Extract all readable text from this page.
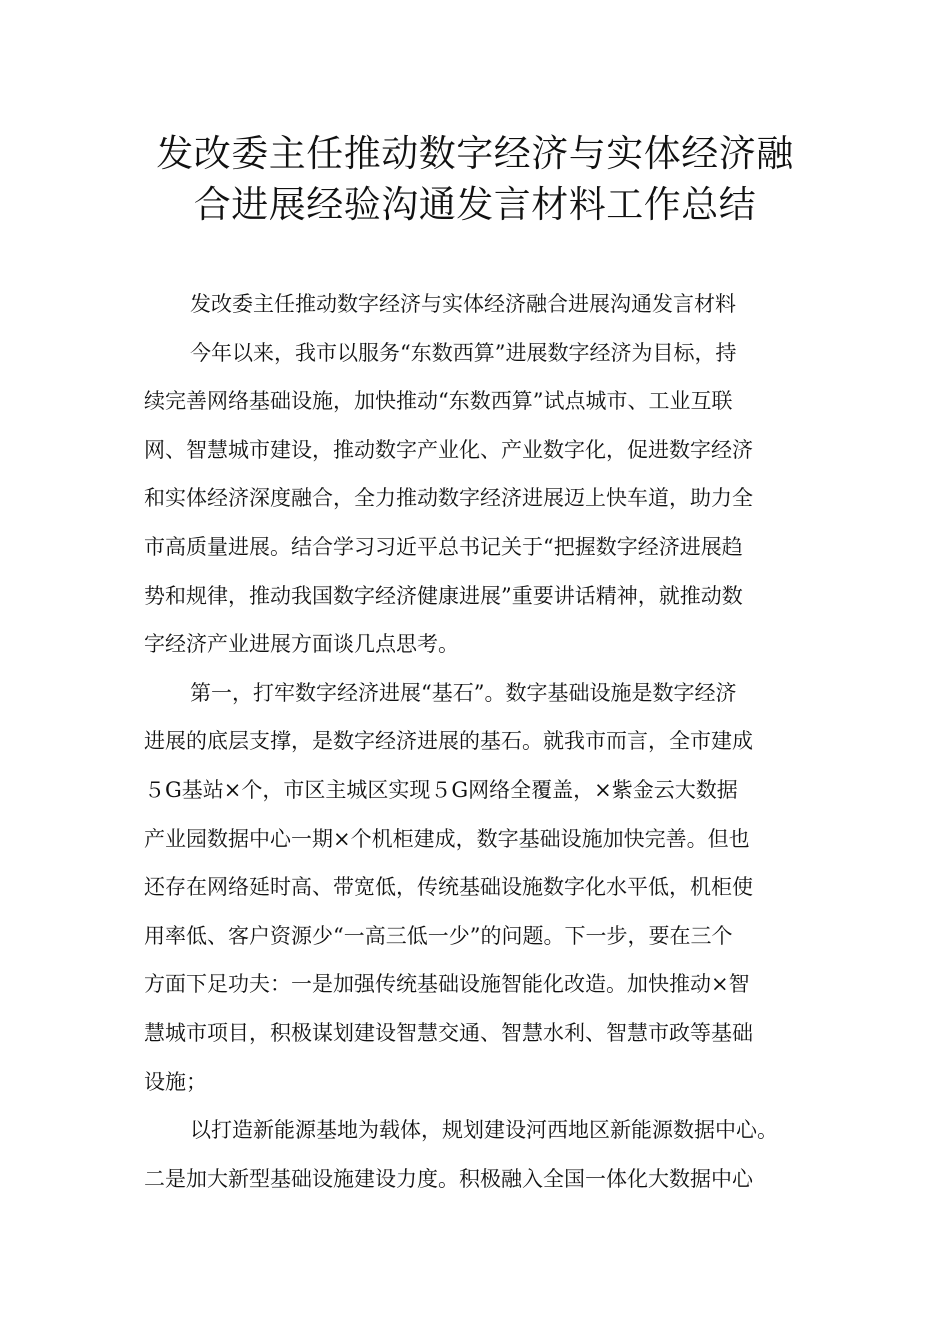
发改委主任推动数字经济与实体经济融
合进展经验沟通发言材料工作总结
发改委主任推动数字经济与实体经济融合进展沟通发言材料
今年以来，我市以服务“东数西算”进展数字经济为目标，持
续完善网络基础设施，加快推动“东数西算”试点城市、工业互联
网、智慧城市建设，推动数字产业化、产业数字化，促进数字经济
和实体经济深度融合，全力推动数字经济进展迈上快车道，助力全
市高质量进展。结合学习习近平总书记关于“把握数字经济进展趋
势和规律，推动我国数字经济健康进展”重要讲话精神，就推动数
字经济产业进展方面谈几点思考。
第一，打牢数字经济进展“基石”。数字基础设施是数字经济
进展的底层支撑，是数字经济进展的基石。就我市而言，全市建成
５G基站×个，市区主城区实现５G网络全覆盖，×紫金云大数据
产业园数据中心一期×个机柜建成，数字基础设施加快完善。但也
还存在网络延时高、带宽低，传统基础设施数字化水平低，机柜使
用率低、客户资源少“一高三低一少”的问题。下一步，要在三个
方面下足功夫：一是加强传统基础设施智能化改造。加快推动×智
慧城市项目，积极谋划建设智慧交通、智慧水利、智慧市政等基础
设施；
以打造新能源基地为载体，规划建设河西地区新能源数据中心。
二是加大新型基础设施建设力度。积极融入全国一体化大数据中心
